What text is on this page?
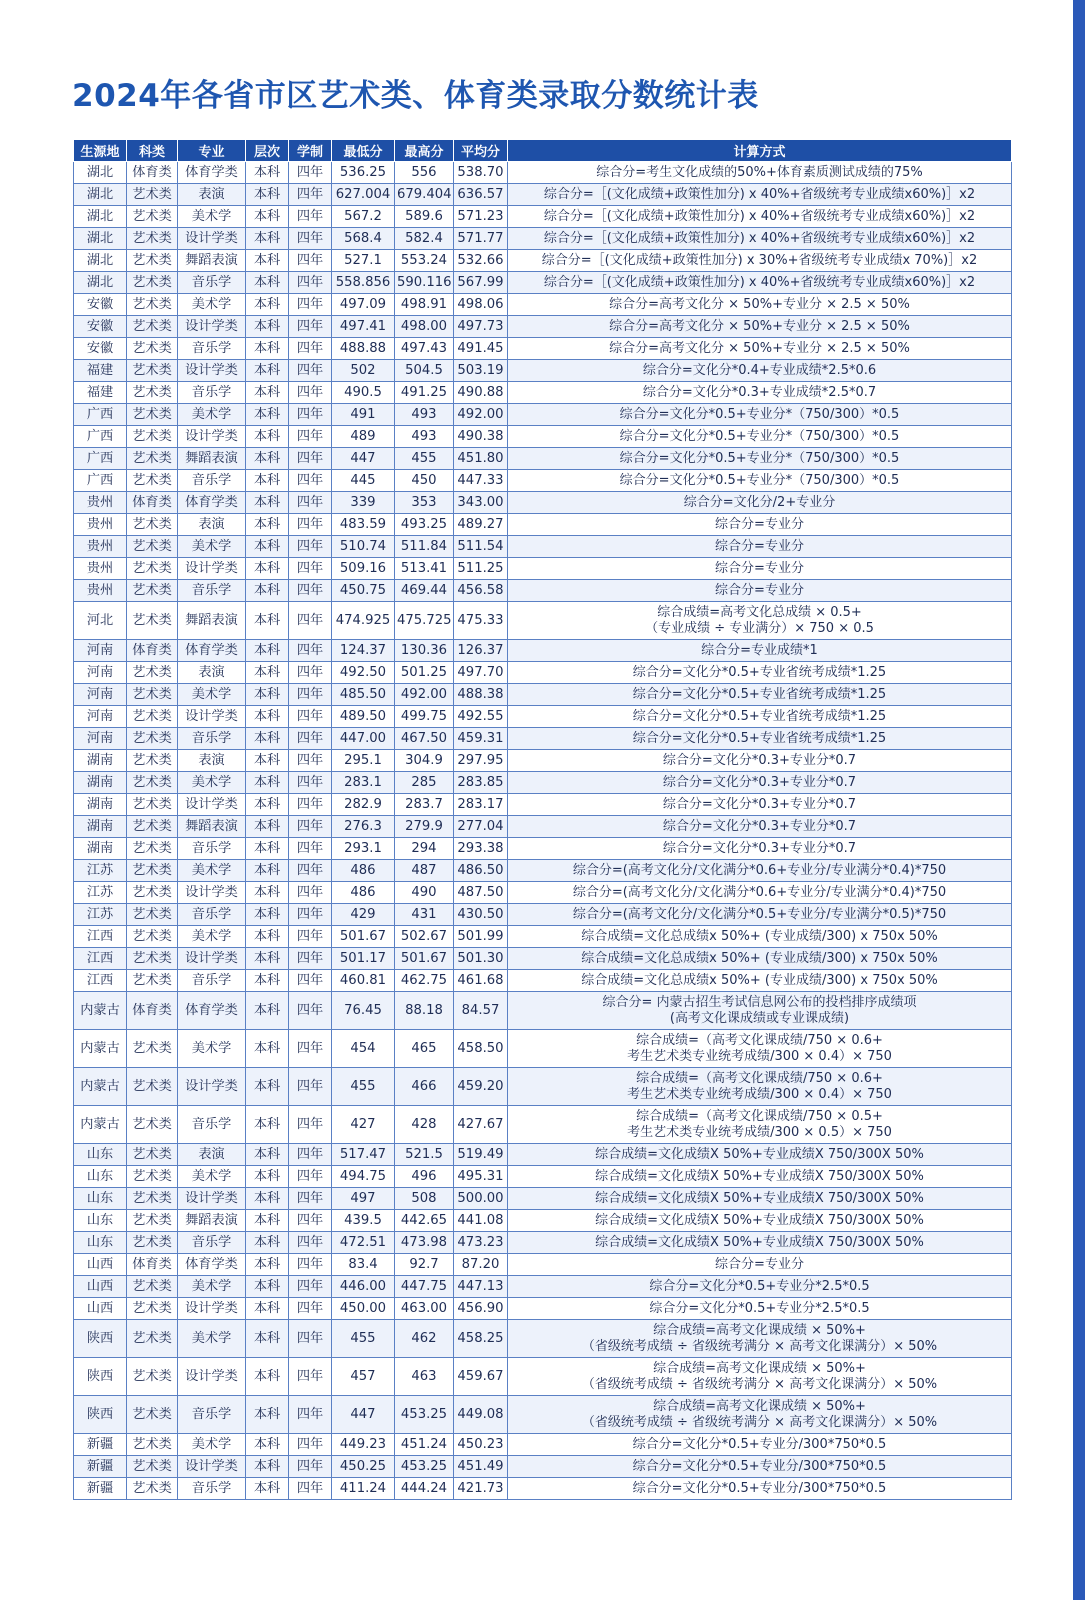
2024年各省市区艺术类、体育类录取分数统计表
生源地	科类	专业	层次	学制	最低分	最高分	平均分	计算方式
湖北	体育类	体育学类	本科	四年	536.25	556	538.70	综合分=考生文化成绩的50%+体育素质测试成绩的75%

湖北	艺术类	表演	本科	四年	627.004	679.404	636.57	综合分=［(文化成绩+政策性加分) x 40%+省级统考专业成绩x60%)］x2

湖北	艺术类	美术学	本科	四年	567.2	589.6	571.23	综合分=［(文化成绩+政策性加分) x 40%+省级统考专业成绩x60%)］x2

湖北	艺术类	设计学类	本科	四年	568.4	582.4	571.77	综合分=［(文化成绩+政策性加分) x 40%+省级统考专业成绩x60%)］x2

湖北	艺术类	舞蹈表演	本科	四年	527.1	553.24	532.66	综合分=［(文化成绩+政策性加分) x 30%+省级统考专业成绩x 70%)］x2

湖北	艺术类	音乐学	本科	四年	558.856	590.116	567.99	综合分=［(文化成绩+政策性加分) x 40%+省级统考专业成绩x60%)］x2

安徽	艺术类	美术学	本科	四年	497.09	498.91	498.06	综合分=高考文化分 × 50%+专业分 × 2.5 × 50%

安徽	艺术类	设计学类	本科	四年	497.41	498.00	497.73	综合分=高考文化分 × 50%+专业分 × 2.5 × 50%

安徽	艺术类	音乐学	本科	四年	488.88	497.43	491.45	综合分=高考文化分 × 50%+专业分 × 2.5 × 50%

福建	艺术类	设计学类	本科	四年	502	504.5	503.19	综合分=文化分*0.4+专业成绩*2.5*0.6

福建	艺术类	音乐学	本科	四年	490.5	491.25	490.88	综合分=文化分*0.3+专业成绩*2.5*0.7

广西	艺术类	美术学	本科	四年	491	493	492.00	综合分=文化分*0.5+专业分*（750/300）*0.5

广西	艺术类	设计学类	本科	四年	489	493	490.38	综合分=文化分*0.5+专业分*（750/300）*0.5

广西	艺术类	舞蹈表演	本科	四年	447	455	451.80	综合分=文化分*0.5+专业分*（750/300）*0.5

广西	艺术类	音乐学	本科	四年	445	450	447.33	综合分=文化分*0.5+专业分*（750/300）*0.5

贵州	体育类	体育学类	本科	四年	339	353	343.00	综合分=文化分/2+专业分

贵州	艺术类	表演	本科	四年	483.59	493.25	489.27	综合分=专业分

贵州	艺术类	美术学	本科	四年	510.74	511.84	511.54	综合分=专业分

贵州	艺术类	设计学类	本科	四年	509.16	513.41	511.25	综合分=专业分

贵州	艺术类	音乐学	本科	四年	450.75	469.44	456.58	综合分=专业分

河北	艺术类	舞蹈表演	本科	四年	474.925	475.725	475.33	综合成绩=高考文化总成绩 × 0.5+
（专业成绩 ÷ 专业满分）× 750 × 0.5

河南	体育类	体育学类	本科	四年	124.37	130.36	126.37	综合分=专业成绩*1

河南	艺术类	表演	本科	四年	492.50	501.25	497.70	综合分=文化分*0.5+专业省统考成绩*1.25

河南	艺术类	美术学	本科	四年	485.50	492.00	488.38	综合分=文化分*0.5+专业省统考成绩*1.25

河南	艺术类	设计学类	本科	四年	489.50	499.75	492.55	综合分=文化分*0.5+专业省统考成绩*1.25

河南	艺术类	音乐学	本科	四年	447.00	467.50	459.31	综合分=文化分*0.5+专业省统考成绩*1.25

湖南	艺术类	表演	本科	四年	295.1	304.9	297.95	综合分=文化分*0.3+专业分*0.7

湖南	艺术类	美术学	本科	四年	283.1	285	283.85	综合分=文化分*0.3+专业分*0.7

湖南	艺术类	设计学类	本科	四年	282.9	283.7	283.17	综合分=文化分*0.3+专业分*0.7

湖南	艺术类	舞蹈表演	本科	四年	276.3	279.9	277.04	综合分=文化分*0.3+专业分*0.7

湖南	艺术类	音乐学	本科	四年	293.1	294	293.38	综合分=文化分*0.3+专业分*0.7

江苏	艺术类	美术学	本科	四年	486	487	486.50	综合分=(高考文化分/文化满分*0.6+专业分/专业满分*0.4)*750

江苏	艺术类	设计学类	本科	四年	486	490	487.50	综合分=(高考文化分/文化满分*0.6+专业分/专业满分*0.4)*750

江苏	艺术类	音乐学	本科	四年	429	431	430.50	综合分=(高考文化分/文化满分*0.5+专业分/专业满分*0.5)*750

江西	艺术类	美术学	本科	四年	501.67	502.67	501.99	综合成绩=文化总成绩x 50%+ (专业成绩/300) x 750x 50%

江西	艺术类	设计学类	本科	四年	501.17	501.67	501.30	综合成绩=文化总成绩x 50%+ (专业成绩/300) x 750x 50%

江西	艺术类	音乐学	本科	四年	460.81	462.75	461.68	综合成绩=文化总成绩x 50%+ (专业成绩/300) x 750x 50%

内蒙古	体育类	体育学类	本科	四年	76.45	88.18	84.57	综合分= 内蒙古招生考试信息网公布的投档排序成绩项
(高考文化课成绩或专业课成绩)

内蒙古	艺术类	美术学	本科	四年	454	465	458.50	综合成绩=（高考文化课成绩/750 × 0.6+
考生艺术类专业统考成绩/300 × 0.4）× 750

内蒙古	艺术类	设计学类	本科	四年	455	466	459.20	综合成绩=（高考文化课成绩/750 × 0.6+
考生艺术类专业统考成绩/300 × 0.4）× 750

内蒙古	艺术类	音乐学	本科	四年	427	428	427.67	综合成绩=（高考文化课成绩/750 × 0.5+
考生艺术类专业统考成绩/300 × 0.5）× 750

山东	艺术类	表演	本科	四年	517.47	521.5	519.49	综合成绩=文化成绩X 50%+专业成绩X 750/300X 50%

山东	艺术类	美术学	本科	四年	494.75	496	495.31	综合成绩=文化成绩X 50%+专业成绩X 750/300X 50%

山东	艺术类	设计学类	本科	四年	497	508	500.00	综合成绩=文化成绩X 50%+专业成绩X 750/300X 50%

山东	艺术类	舞蹈表演	本科	四年	439.5	442.65	441.08	综合成绩=文化成绩X 50%+专业成绩X 750/300X 50%

山东	艺术类	音乐学	本科	四年	472.51	473.98	473.23	综合成绩=文化成绩X 50%+专业成绩X 750/300X 50%

山西	体育类	体育学类	本科	四年	83.4	92.7	87.20	综合分=专业分

山西	艺术类	美术学	本科	四年	446.00	447.75	447.13	综合分=文化分*0.5+专业分*2.5*0.5

山西	艺术类	设计学类	本科	四年	450.00	463.00	456.90	综合分=文化分*0.5+专业分*2.5*0.5

陕西	艺术类	美术学	本科	四年	455	462	458.25	综合成绩=高考文化课成绩 × 50%+
（省级统考成绩 ÷ 省级统考满分 × 高考文化课满分）× 50%

陕西	艺术类	设计学类	本科	四年	457	463	459.67	综合成绩=高考文化课成绩 × 50%+
（省级统考成绩 ÷ 省级统考满分 × 高考文化课满分）× 50%

陕西	艺术类	音乐学	本科	四年	447	453.25	449.08	综合成绩=高考文化课成绩 × 50%+
（省级统考成绩 ÷ 省级统考满分 × 高考文化课满分）× 50%

新疆	艺术类	美术学	本科	四年	449.23	451.24	450.23	综合分=文化分*0.5+专业分/300*750*0.5

新疆	艺术类	设计学类	本科	四年	450.25	453.25	451.49	综合分=文化分*0.5+专业分/300*750*0.5

新疆	艺术类	音乐学	本科	四年	411.24	444.24	421.73	综合分=文化分*0.5+专业分/300*750*0.5
